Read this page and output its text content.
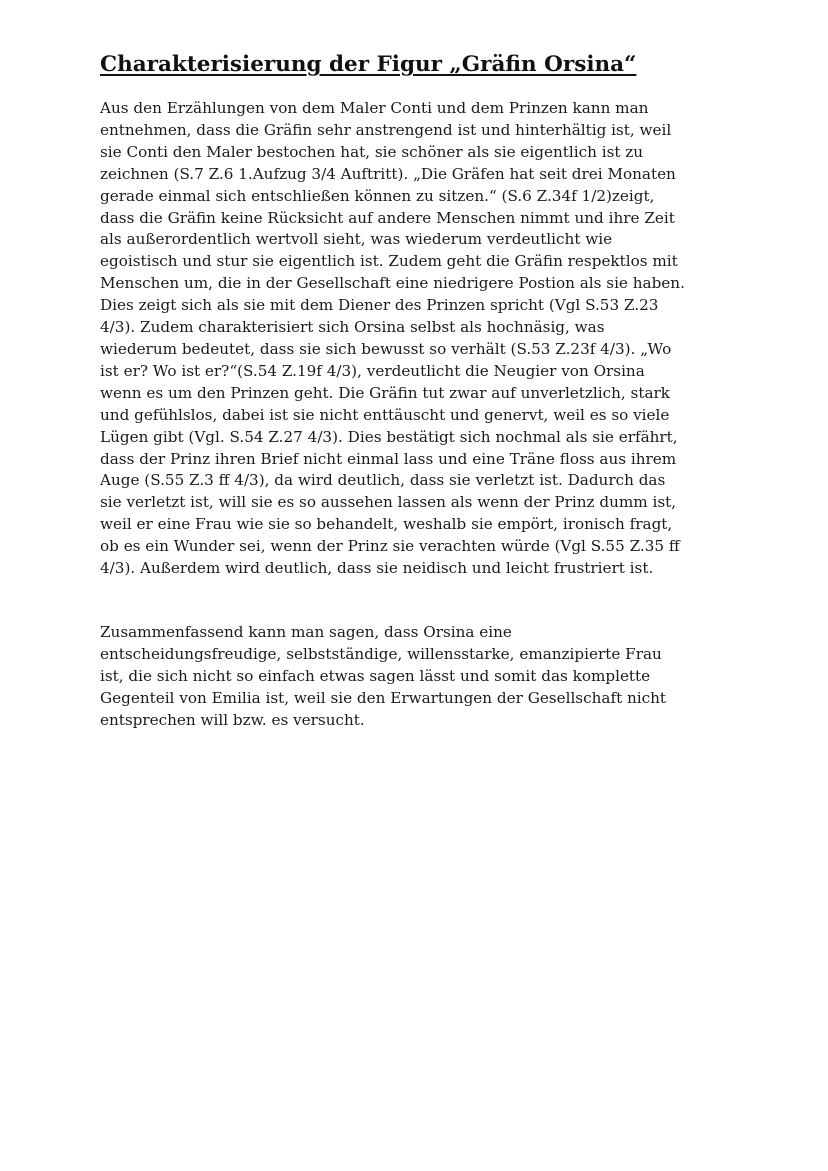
Charakterisierung der Figur „Gräfin Orsina“

Aus den Erzählungen von dem Maler Conti und dem Prinzen kann man
entnehmen, dass die Gräfin sehr anstrengend ist und hinterhältig ist, weil
sie Conti den Maler bestochen hat, sie schöner als sie eigentlich ist zu
zeichnen (S.7 Z.6 1.Aufzug 3/4 Auftritt). „Die Gräfen hat seit drei Monaten
gerade einmal sich entschließen können zu sitzen.“ (S.6 Z.34f 1/2)zeigt,
dass die Gräfin keine Rücksicht auf andere Menschen nimmt und ihre Zeit
als außerordentlich wertvoll sieht, was wiederum verdeutlicht wie
egoistisch und stur sie eigentlich ist. Zudem geht die Gräfin respektlos mit
Menschen um, die in der Gesellschaft eine niedrigere Postion als sie haben.
Dies zeigt sich als sie mit dem Diener des Prinzen spricht (Vgl S.53 Z.23
4/3). Zudem charakterisiert sich Orsina selbst als hochnäsig, was
wiederum bedeutet, dass sie sich bewusst so verhält (S.53 Z.23f 4/3). „Wo
ist er? Wo ist er?“(S.54 Z.19f 4/3), verdeutlicht die Neugier von Orsina
wenn es um den Prinzen geht. Die Gräfin tut zwar auf unverletzlich, stark
und gefühlslos, dabei ist sie nicht enttäuscht und genervt, weil es so viele
Lügen gibt (Vgl. S.54 Z.27 4/3). Dies bestätigt sich nochmal als sie erfährt,
dass der Prinz ihren Brief nicht einmal lass und eine Träne floss aus ihrem
Auge (S.55 Z.3 ff 4/3), da wird deutlich, dass sie verletzt ist. Dadurch das
sie verletzt ist, will sie es so aussehen lassen als wenn der Prinz dumm ist,
weil er eine Frau wie sie so behandelt, weshalb sie empört, ironisch fragt,
ob es ein Wunder sei, wenn der Prinz sie verachten würde (Vgl S.55 Z.35 ff
4/3). Außerdem wird deutlich, dass sie neidisch und leicht frustriert ist.

Zusammenfassend kann man sagen, dass Orsina eine
entscheidungsfreudige, selbstständige, willensstarke, emanzipierte Frau
ist, die sich nicht so einfach etwas sagen lässt und somit das komplette
Gegenteil von Emilia ist, weil sie den Erwartungen der Gesellschaft nicht
entsprechen will bzw. es versucht.
